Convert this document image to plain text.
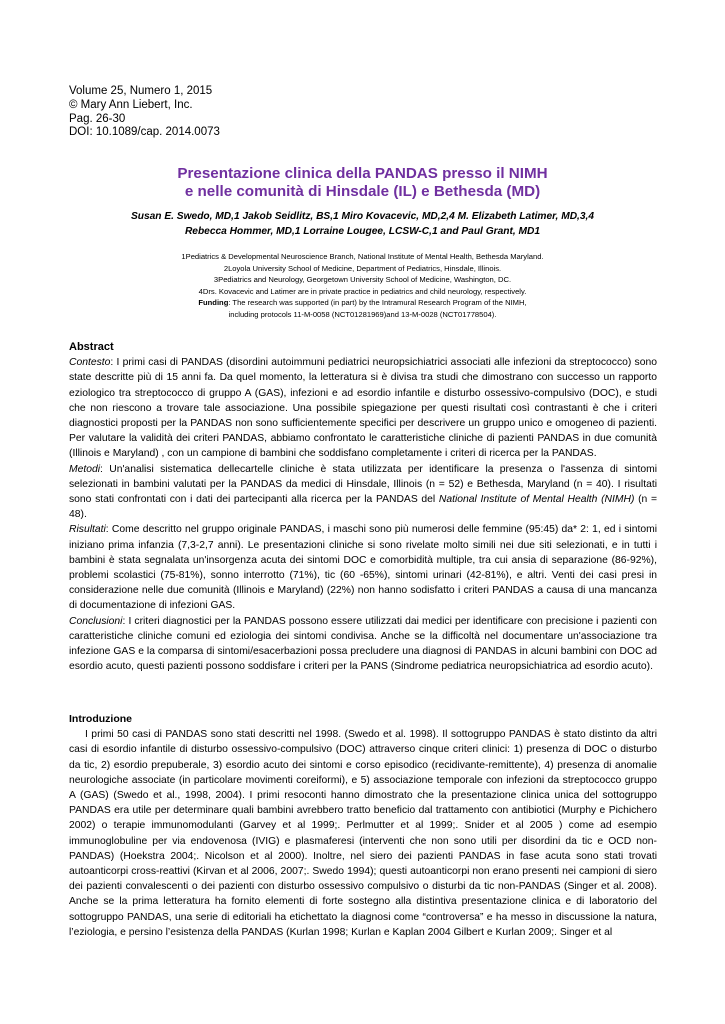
Volume 25, Numero 1, 2015
© Mary Ann Liebert, Inc.
Pag. 26-30
DOI: 10.1089/cap. 2014.0073
Presentazione clinica della PANDAS presso il NIMH
e nelle comunità di Hinsdale (IL) e Bethesda (MD)
Susan E. Swedo, MD,1 Jakob Seidlitz, BS,1 Miro Kovacevic, MD,2,4 M. Elizabeth Latimer, MD,3,4
Rebecca Hommer, MD,1 Lorraine Lougee, LCSW-C,1 and Paul Grant, MD1
1Pediatrics & Developmental Neuroscience Branch, National Institute of Mental Health, Bethesda Maryland.
2Loyola University School of Medicine, Department of Pediatrics, Hinsdale, Illinois.
3Pediatrics and Neurology, Georgetown University School of Medicine, Washington, DC.
4Drs. Kovacevic and Latimer are in private practice in pediatrics and child neurology, respectively.
Funding: The research was supported (in part) by the Intramural Research Program of the NIMH,
including protocols 11-M-0058 (NCT01281969)and 13-M-0028 (NCT01778504).
Abstract

Contesto: I primi casi di PANDAS (disordini autoimmuni pediatrici neuropsichiatrici associati alle infezioni da streptococco) sono state descritte più di 15 anni fa. Da quel momento, la letteratura si è divisa tra studi che dimostrano con successo un rapporto eziologico tra streptococco di gruppo A (GAS), infezioni e ad esordio infantile e disturbo ossessivo-compulsivo (DOC), e studi che non riescono a trovare tale associazione. Una possibile spiegazione per questi risultati così contrastanti è che i criteri diagnostici proposti per la PANDAS non sono sufficientemente specifici per descrivere un gruppo unico e omogeneo di pazienti. Per valutare la validità dei criteri PANDAS, abbiamo confrontato le caratteristiche cliniche di pazienti PANDAS in due comunità (Illinois e Maryland) , con un campione di bambini che soddisfano completamente i criteri di ricerca per la PANDAS.

Metodi: Un'analisi sistematica dellecartelle cliniche è stata utilizzata per identificare la presenza o l'assenza di sintomi selezionati in bambini valutati per la PANDAS da medici di Hinsdale, Illinois (n = 52) e Bethesda, Maryland (n = 40). I risultati sono stati confrontati con i dati dei partecipanti alla ricerca per la PANDAS del National Institute of Mental Health (NIMH) (n = 48).

Risultati: Come descritto nel gruppo originale PANDAS, i maschi sono più numerosi delle femmine (95:45) da* 2: 1, ed i sintomi iniziano prima infanzia (7,3-2,7 anni). Le presentazioni cliniche si sono rivelate molto simili nei due siti selezionati, e in tutti i bambini è stata segnalata un'insorgenza acuta dei sintomi DOC e comorbidità multiple, tra cui ansia di separazione (86-92%), problemi scolastici (75-81%), sonno interrotto (71%), tic (60 -65%), sintomi urinari (42-81%), e altri. Venti dei casi presi in considerazione nelle due comunità (Illinois e Maryland) (22%) non hanno sodisfatto i criteri PANDAS a causa di una mancanza di documentazione di infezioni GAS.

Conclusioni: I criteri diagnostici per la PANDAS possono essere utilizzati dai medici per identificare con precisione i pazienti con caratteristiche cliniche comuni ed eziologia dei sintomi condivisa. Anche se la difficoltà nel documentare un'associazione tra infezione GAS e la comparsa di sintomi/esacerbazioni possa precludere una diagnosi di PANDAS in alcuni bambini con DOC ad esordio acuto, questi pazienti possono soddisfare i criteri per la PANS (Sindrome pediatrica neuropsichiatrica ad esordio acuto).

Introduzione

I primi 50 casi di PANDAS sono stati descritti nel 1998. (Swedo et al. 1998). Il sottogruppo PANDAS è stato distinto da altri casi di esordio infantile di disturbo ossessivo-compulsivo (DOC) attraverso cinque criteri clinici: 1) presenza di DOC o disturbo da tic, 2) esordio prepuberale, 3) esordio acuto dei sintomi e corso episodico (recidivante-remittente), 4) presenza di anomalie neurologiche associate (in particolare movimenti coreiformi), e 5) associazione temporale con infezioni da streptococco gruppo A (GAS) (Swedo et al., 1998, 2004). I primi resoconti hanno dimostrato che la presentazione clinica unica del sottogruppo PANDAS era utile per determinare quali bambini avrebbero tratto beneficio dal trattamento con antibiotici (Murphy e Pichichero 2002) o terapie immunomodulanti (Garvey et al 1999;. Perlmutter et al 1999;. Snider et al 2005 ) come ad esempio immunoglobuline per via endovenosa (IVIG) e plasmaferesi (interventi che non sono utili per disordini da tic e OCD non-PANDAS) (Hoekstra 2004;. Nicolson et al 2000). Inoltre, nel siero dei pazienti PANDAS in fase acuta sono stati trovati autoanticorpi cross-reattivi (Kirvan et al 2006, 2007;. Swedo 1994); questi autoanticorpi non erano presenti nei campioni di siero dei pazienti convalescenti o dei pazienti con disturbo ossessivo compulsivo o disturbi da tic non-PANDAS (Singer et al. 2008). Anche se la prima letteratura ha fornito elementi di forte sostegno alla distintiva presentazione clinica e di laboratorio del sottogruppo PANDAS, una serie di editoriali ha etichettato la diagnosi come “controversa” e ha messo in discussione la natura, l’eziologia, e persino l’esistenza della PANDAS (Kurlan 1998; Kurlan e Kaplan 2004 Gilbert e Kurlan 2009;. Singer et al
